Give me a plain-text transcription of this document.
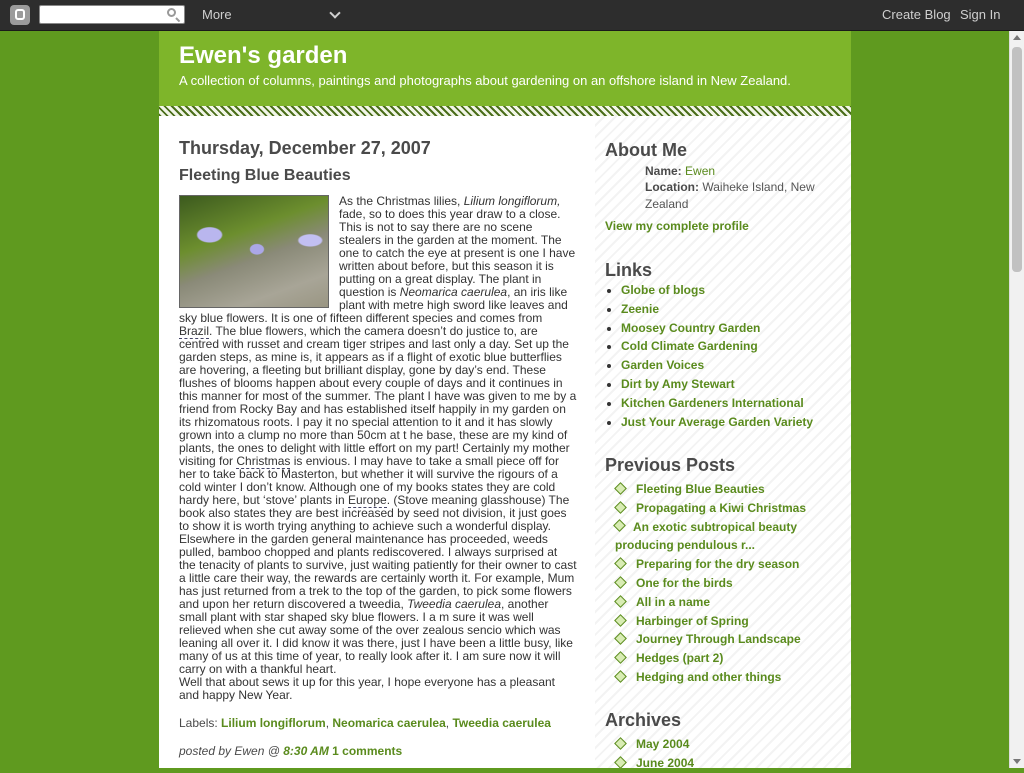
More	Create Blog Sign In
Ewen's garden
A collection of columns, paintings and photographs about gardening on an offshore island in New Zealand.
Thursday, December 27, 2007
Fleeting Blue Beauties

As the Christmas lilies, Lilium longiflorum, fade, so to does this year draw to a close. This is not to say there are no scene stealers in the garden at the moment. The one to catch the eye at present is one I have written about before, but this season it is putting on a great display. The plant in question is Neomarica caerulea, an iris like plant with metre high sword like leaves and sky blue flowers. It is one of fifteen different species and comes from Brazil. The blue flowers, which the camera doesn’t do justice to, are centred with russet and cream tiger stripes and last only a day. Set up the garden steps, as mine is, it appears as if a flight of exotic blue butterflies are hovering, a fleeting but brilliant display, gone by day’s end. These flushes of blooms happen about every couple of days and it continues in this manner for most of the summer. The plant I have was given to me by a friend from Rocky Bay and has established itself happily in my garden on its rhizomatous roots. I pay it no special attention to it and it has slowly grown into a clump no more than 50cm at t he base, these are my kind of plants, the ones to delight with little effort on my part! Certainly my mother visiting for Christmas is envious. I may have to take a small piece off for her to take back to Masterton, but whether it will survive the rigours of a cold winter I don’t know. Although one of my books states they are cold hardy here, but ‘stove’ plants in Europe. (Stove meaning glasshouse) The book also states they are best increased by seed not division, it just goes to show it is worth trying anything to achieve such a wonderful display.

Elsewhere in the garden general maintenance has proceeded, weeds pulled, bamboo chopped and plants rediscovered. I always surprised at the tenacity of plants to survive, just waiting patiently for their owner to cast a little care their way, the rewards are certainly worth it. For example, Mum has just returned from a trek to the top of the garden, to pick some flowers and upon her return discovered a tweedia, Tweedia caerulea, another small plant with star shaped sky blue flowers. I a m sure it was well relieved when she cut away some of the over zealous sencio which was leaning all over it. I did know it was there, just I have been a little busy, like many of us at this time of year, to really look after it. I am sure now it will carry on with a thankful heart.

Well that about sews it up for this year, I hope everyone has a pleasant and happy New Year.

Labels: Lilium longiflorum, Neomarica caerulea, Tweedia caerulea
posted by Ewen @ 8:30 AM 1 comments
About Me
Name: Ewen
Location: Waiheke Island, New Zealand
View my complete profile
Links
• Globe of blogs
• Zeenie
• Moosey Country Garden
• Cold Climate Gardening
• Garden Voices
• Dirt by Amy Stewart
• Kitchen Gardeners International
• Just Your Average Garden Variety
Previous Posts
Fleeting Blue Beauties
Propagating a Kiwi Christmas
An exotic subtropical beauty producing pendulous r...
Preparing for the dry season
One for the birds
All in a name
Harbinger of Spring
Journey Through Landscape
Hedges (part 2)
Hedging and other things
Archives
May 2004
June 2004
